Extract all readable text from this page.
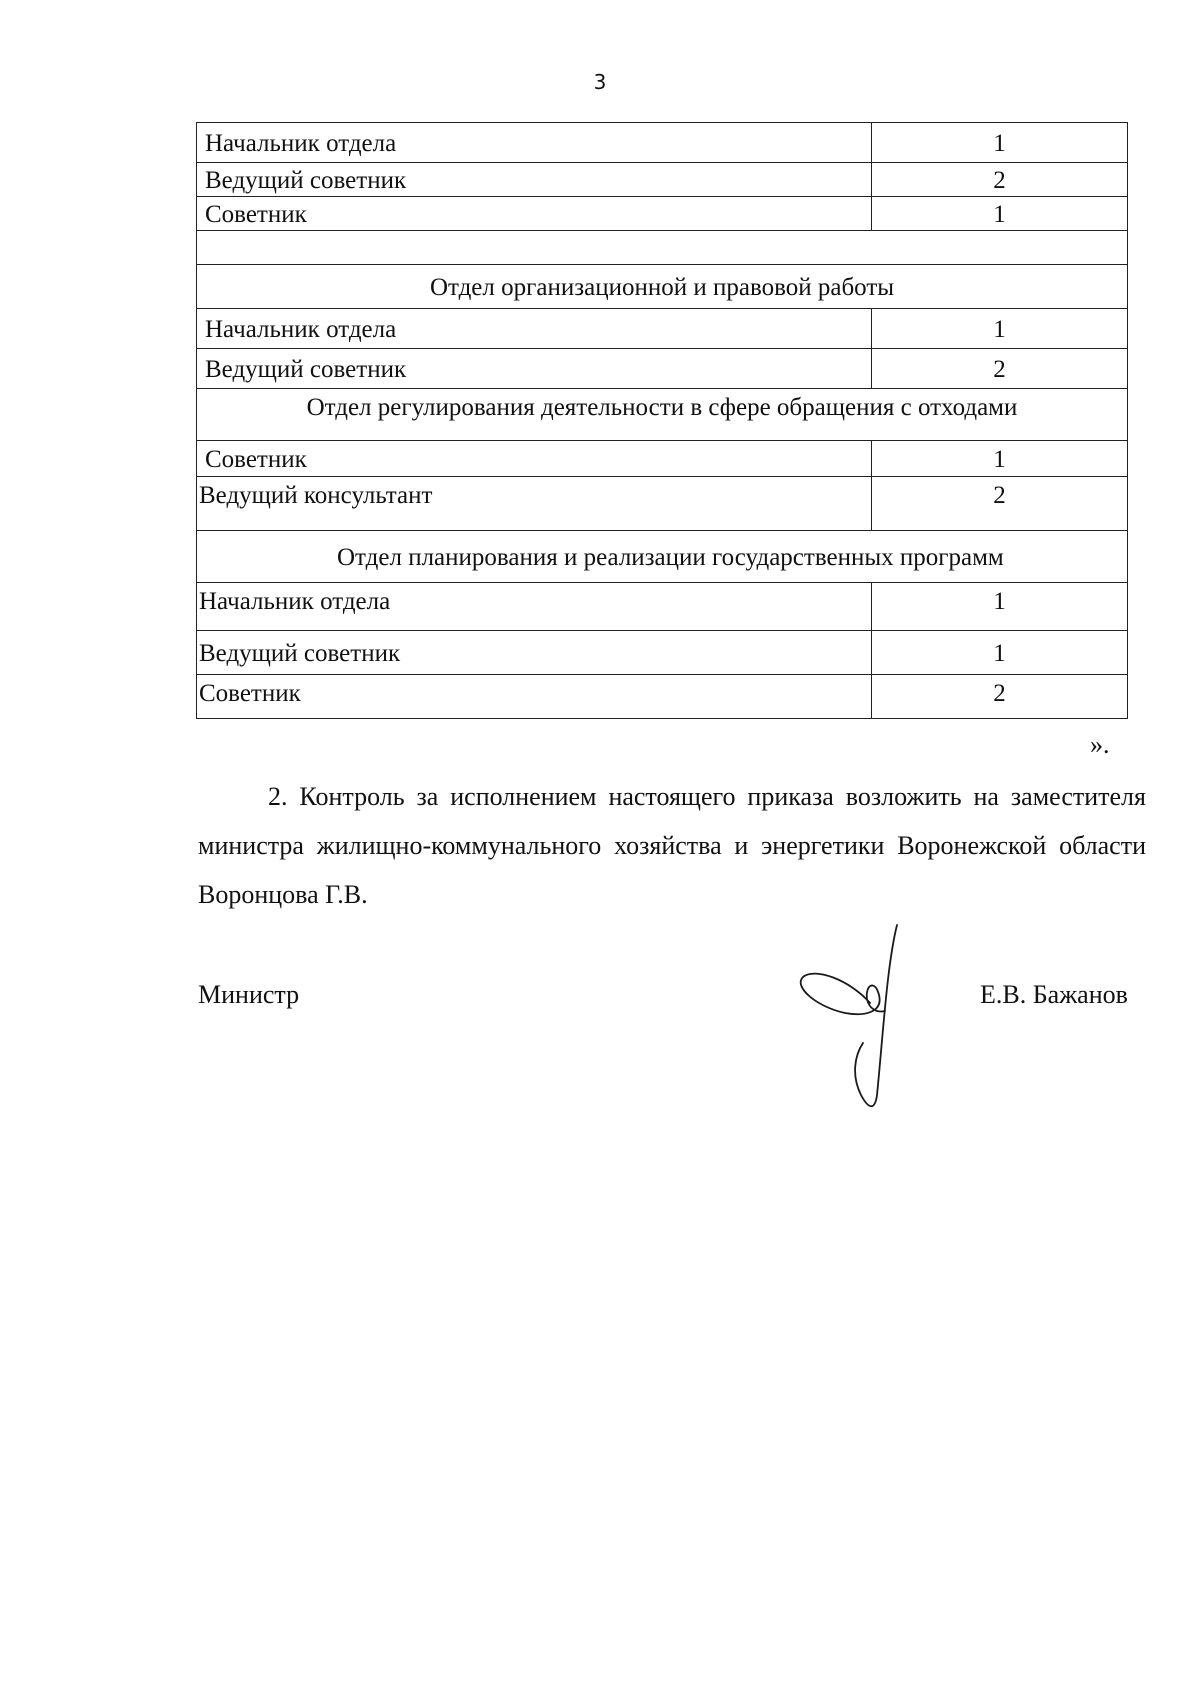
3
Начальник отдела	1
Ведущий советник	2
Советник	1

Отдел организационной и правовой работы	
Начальник отдела	1
Ведущий советник	2
Отдел регулирования деятельности в сфере обращения с отходами	
Советник	1
Ведущий консультант	2
Отдел планирования и реализации государственных программ	
Начальник отдела	1
Ведущий советник	1
Советник	2
».

2. Контроль за исполнением настоящего приказа возложить на заместителя министра жилищно-коммунального хозяйства и энергетики Воронежской области Воронцова Г.В.

Министр	Е.В. Бажанов
